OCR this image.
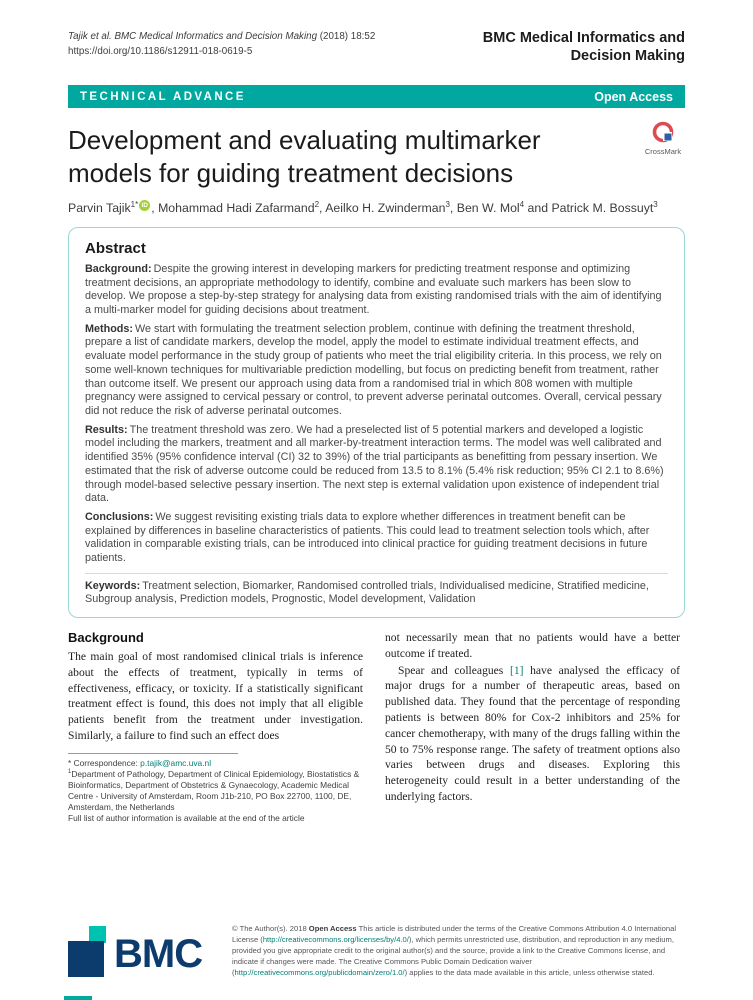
Tajik et al. BMC Medical Informatics and Decision Making (2018) 18:52
https://doi.org/10.1186/s12911-018-0619-5
BMC Medical Informatics and
Decision Making
TECHNICAL ADVANCE	Open Access
Development and evaluating multimarker models for guiding treatment decisions

Parvin Tajik$^{1*}$ iD , Mohammad Hadi Zafarmand$^2$, Aeilko H. Zwinderman$^3$, Ben W. Mol$^4$ and Patrick M. Bossuyt$^3$

Abstract

Background: Despite the growing interest in developing markers for predicting treatment response and optimizing treatment decisions, an appropriate methodology to identify, combine and evaluate such markers has been slow to develop. We propose a step-by-step strategy for analysing data from existing randomised trials with the aim of identifying a multi-marker model for guiding decisions about treatment.

Methods: We start with formulating the treatment selection problem, continue with defining the treatment threshold, prepare a list of candidate markers, develop the model, apply the model to estimate individual treatment effects, and evaluate model performance in the study group of patients who meet the trial eligibility criteria. In this process, we rely on some well-known techniques for multivariable prediction modelling, but focus on predicting benefit from treatment, rather than outcome itself. We present our approach using data from a randomised trial in which 808 women with multiple pregnancy were assigned to cervical pessary or control, to prevent adverse perinatal outcomes. Overall, cervical pessary did not reduce the risk of adverse perinatal outcomes.

Results: The treatment threshold was zero. We had a preselected list of 5 potential markers and developed a logistic model including the markers, treatment and all marker-by-treatment interaction terms. The model was well calibrated and identified 35% (95% confidence interval (CI) 32 to 39%) of the trial participants as benefitting from pessary insertion. We estimated that the risk of adverse outcome could be reduced from 13.5 to 8.1% (5.4% risk reduction; 95% CI 2.1 to 8.6%) through model-based selective pessary insertion. The next step is external validation upon existence of independent trial data.

Conclusions: We suggest revisiting existing trials data to explore whether differences in treatment benefit can be explained by differences in baseline characteristics of patients. This could lead to treatment selection tools which, after validation in comparable existing trials, can be introduced into clinical practice for guiding treatment decisions in future patients.

Keywords: Treatment selection, Biomarker, Randomised controlled trials, Individualised medicine, Stratified medicine, Subgroup analysis, Prediction models, Prognostic, Model development, Validation

Background

The main goal of most randomised clinical trials is inference about the effects of treatment, typically in terms of effectiveness, efficacy, or toxicity. If a statistically significant treatment effect is found, this does not imply that all eligible patients benefit from the treatment under investigation. Similarly, a failure to find such an effect does

* Correspondence: p.tajik@amc.uva.nl

$^1$Department of Pathology, Department of Clinical Epidemiology, Biostatistics & Bioinformatics, Department of Obstetrics & Gynaecology, Academic Medical Centre - University of Amsterdam, Room J1b-210, PO Box 22700, 1100, DE, Amsterdam, the Netherlands

Full list of author information is available at the end of the article

not necessarily mean that no patients would have a better outcome if treated.

Spear and colleagues [1] have analysed the efficacy of major drugs for a number of therapeutic areas, based on published data. They found that the percentage of responding patients is between 80% for Cox-2 inhibitors and 25% for cancer chemotherapy, with many of the drugs falling within the 50 to 75% response range. The safety of treatment options also varies between drugs and diseases. Exploring this heterogeneity could result in a better understanding of the underlying factors.

CrossMark
BMC

© The Author(s). 2018 Open Access This article is distributed under the terms of the Creative Commons Attribution 4.0 International License (http://creativecommons.org/licenses/by/4.0/), which permits unrestricted use, distribution, and reproduction in any medium, provided you give appropriate credit to the original author(s) and the source, provide a link to the Creative Commons license, and indicate if changes were made. The Creative Commons Public Domain Dedication waiver (http://creativecommons.org/publicdomain/zero/1.0/) applies to the data made available in this article, unless otherwise stated.
